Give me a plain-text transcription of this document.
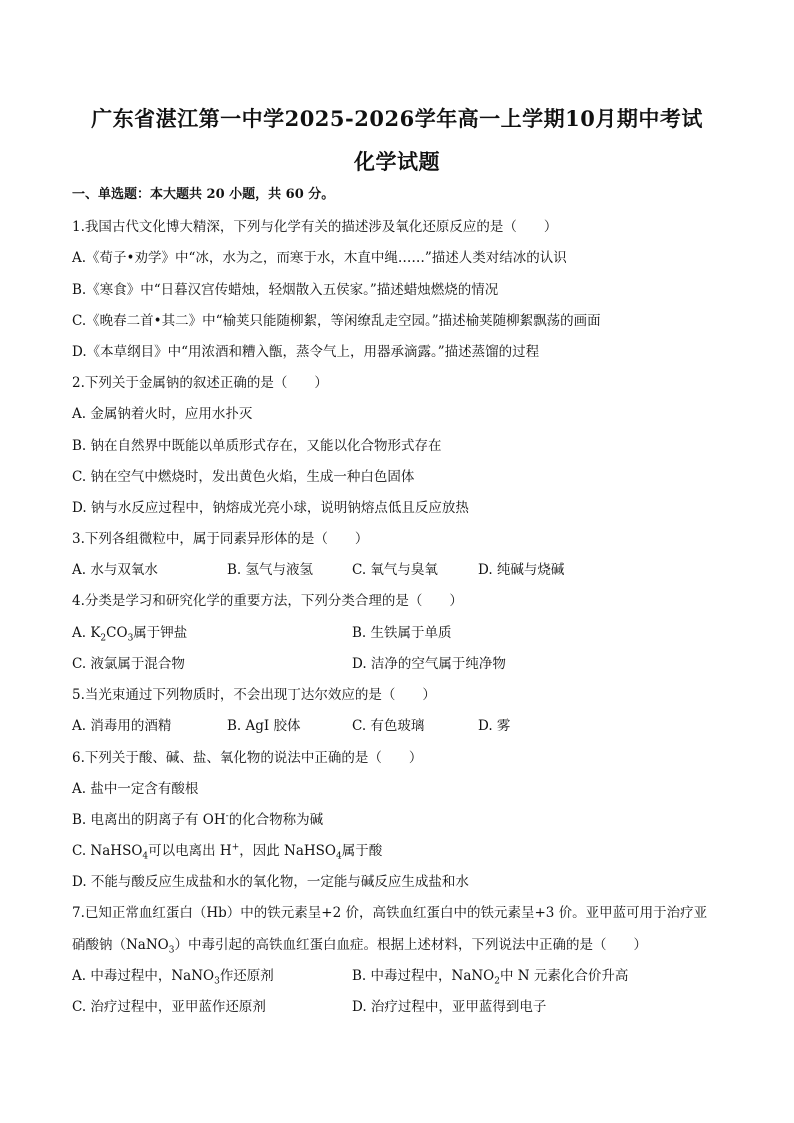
广东省湛江第一中学2025-2026学年高一上学期10月期中考试
化学试题
一、单选题：本大题共 20 小题，共 60 分。
1.我国古代文化博大精深，下列与化学有关的描述涉及氧化还原反应的是（　　）
A.《荀子•劝学》中“冰，水为之，而寒于水，木直中绳……”描述人类对结冰的认识
B.《寒食》中“日暮汉宫传蜡烛，轻烟散入五侯家。”描述蜡烛燃烧的情况
C.《晚春二首•其二》中“榆荚只能随柳絮，等闲缭乱走空园。”描述榆荚随柳絮飘荡的画面
D.《本草纲目》中“用浓酒和糟入甑，蒸令气上，用器承滴露。”描述蒸馏的过程
2.下列关于金属钠的叙述正确的是（　　）
A. 金属钠着火时，应用水扑灭
B. 钠在自然界中既能以单质形式存在，又能以化合物形式存在
C. 钠在空气中燃烧时，发出黄色火焰，生成一种白色固体
D. 钠与水反应过程中，钠熔成光亮小球，说明钠熔点低且反应放热
3.下列各组微粒中，属于同素异形体的是（　　）
A. 水与双氧水	B. 氢气与液氢	C. 氧气与臭氧	D. 纯碱与烧碱
4.分类是学习和研究化学的重要方法，下列分类合理的是（　　）
A. $K_2CO_3$属于钾盐	B. 生铁属于单质
C. 液氯属于混合物	D. 洁净的空气属于纯净物
5.当光束通过下列物质时，不会出现丁达尔效应的是（　　）
A. 消毒用的酒精	B. AgI 胶体	C. 有色玻璃	D. 雾
6.下列关于酸、碱、盐、氧化物的说法中正确的是（　　）
A. 盐中一定含有酸根
B. 电离出的阴离子有 OH-的化合物称为碱
C. NaHSO$_4$可以电离出 H+，因此 NaHSO$_4$属于酸
D. 不能与酸反应生成盐和水的氧化物，一定能与碱反应生成盐和水
7.已知正常血红蛋白（Hb）中的铁元素呈+2 价，高铁血红蛋白中的铁元素呈+3 价。亚甲蓝可用于治疗亚
硝酸钠（NaNO$_3$）中毒引起的高铁血红蛋白血症。根据上述材料，下列说法中正确的是（　　）
A. 中毒过程中，NaNO$_3$作还原剂	B. 中毒过程中，NaNO$_2$中 N 元素化合价升高
C. 治疗过程中，亚甲蓝作还原剂	D. 治疗过程中，亚甲蓝得到电子
